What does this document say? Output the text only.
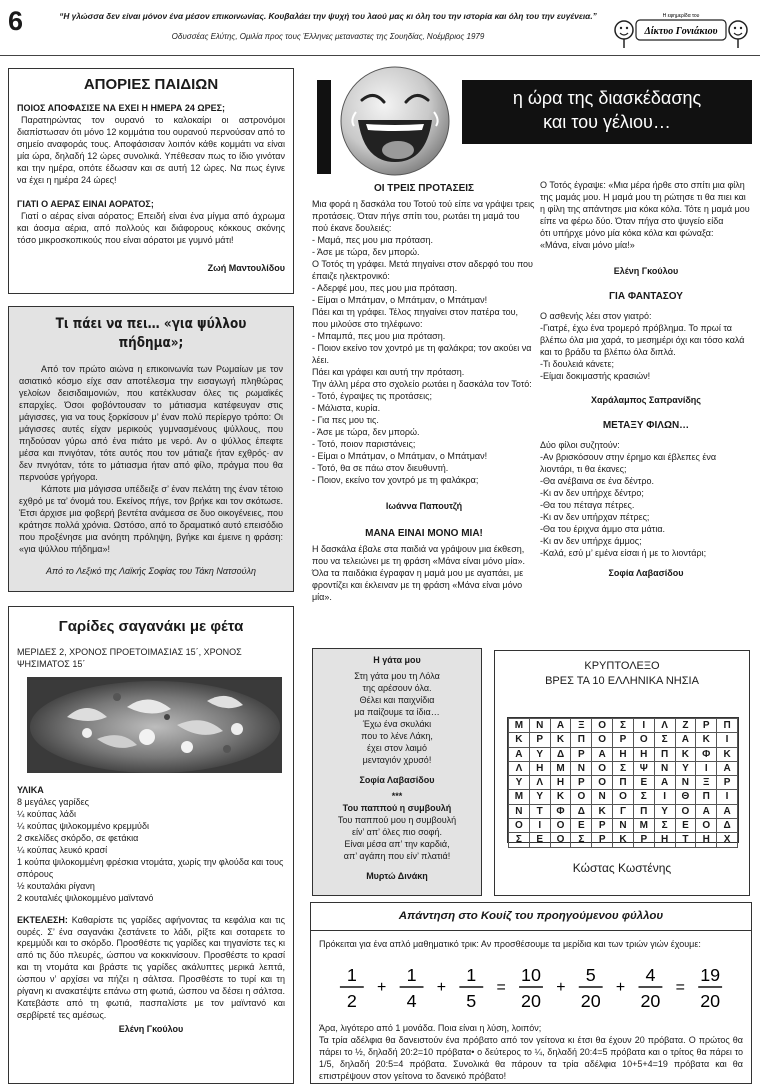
6	“Η γλώσσα δεν είναι μόνον ένα μέσον επικοινωνίας. Κουβαλάει την ψυχή του λαού μας κι όλη του την ιστορία και όλη του την ευγένεια.”
Οδυσσέας Ελύτης, Ομιλία προς τους Έλληνες μεταναστες της Σουηδίας, Νοέμβριος 1979
Η εφημερίδα του
Δίκτυο Γονιάκιου
ΑΠΟΡΙΕΣ ΠΑΙΔΙΩΝ

ΠΟΙΟΣ ΑΠΟΦΑΣΙΣΕ ΝΑ ΕΧΕΙ Η ΗΜΕΡΑ 24 ΩΡΕΣ;

Παρατηρώντας τον ουρανό το καλοκαίρι οι αστρονόμοι διαπίστωσαν ότι μόνο 12 κομμάτια του ουρανού περνούσαν από το σημείο αναφοράς τους. Αποφάσισαν λοιπόν κάθε κομμάτι να είναι μία ώρα, δηλαδή 12 ώρες συνολικά. Υπέθεσαν πως το ίδιο γινόταν και την ημέρα, οπότε έδωσαν και σε αυτή 12 ώρες. Να πως έγινε να έχει η ημέρα 24 ώρες!

ΓΙΑΤΙ Ο ΑΕΡΑΣ ΕΙΝΑΙ ΑΟΡΑΤΟΣ;

Γιατί ο αέρας είναι αόρατος; Επειδή είναι ένα μίγμα από άχρωμα και άοσμα αέρια, από πολλούς και διάφορους κόκκους σκόνης τόσο μικροσκοπικούς που είναι αόρατοι με γυμνό μάτι!

Ζωή Μαντουλίδου

Τι πάει να πει… «για ψύλλου πήδημα»;

Από τον πρώτο αιώνα η επικοινωνία των Ρωμαίων με τον ασιατικό κόσμο είχε σαν αποτέλεσμα την εισαγωγή πληθώρας γελοίων δεισιδαιμονιών, που κατέκλυσαν όλες τις ρωμαϊκές επαρχίες. Όσοι φοβόντουσαν το μάτιασμα κατέφευγαν στις μάγισσες, για να τους ξορκίσουν μ’ έναν πολύ περίεργο τρόπο: Οι μάγισσες αυτές είχαν μερικούς γυμνασμένους ψύλλους, που πηδούσαν γύρω από ένα πιάτο με νερό. Αν ο ψύλλος έπεφτε μέσα και πνιγόταν, τότε αυτός που τον μάτιαζε ήταν εχθρός· αν δεν πνιγόταν, τότε το μάτιασμα ήταν από φίλο, πράγμα που θα περνούσε γρήγορα.

Κάποτε μια μάγισσα υπέδειξε σ’ έναν πελάτη της έναν τέτοιο εχθρό με τα’ όνομά του. Εκείνος πήγε, τον βρήκε και τον σκότωσε. Έτσι άρχισε μια φοβερή βεντέτα ανάμεσα σε δυο οικογένειες, που κράτησε πολλά χρόνια. Ωστόσο, από το δραματικό αυτό επεισόδιο που προξένησε μια ανόητη πρόληψη, βγήκε και έμεινε η φράση: «για ψύλλου πήδημα»!

Από το Λεξικό της Λαϊκής Σοφίας του Τάκη Νατσούλη

Γαρίδες σαγανάκι με φέτα

ΜΕΡΙΔΕΣ 2, ΧΡΟΝΟΣ ΠΡΟΕΤΟΙΜΑΣΙΑΣ 15΄, ΧΡΟΝΟΣ ΨΗΣΙΜΑΤΟΣ 15΄

ΥΛΙΚΑ

8 μεγάλες γαρίδες

¼ κούπας λάδι

¼ κούπας ψιλοκομμένο κρεμμύδι

2 σκελίδες σκόρδο, σε φετάκια

¼ κούπας λευκό κρασί

1 κούπα ψιλοκομμένη φρέσκια ντομάτα, χωρίς την φλούδα και τους σπόρους

½ κουταλάκι ρίγανη

2 κουταλιές ψιλοκομμένο μαϊντανό

ΕΚΤΕΛΕΣΗ: Καθαρίστε τις γαρίδες αφήνοντας τα κεφάλια και τις ουρές. Σ’ ένα σαγανάκι ζεστάνετε το λάδι, ρίξτε και σοταρετε το κρεμμύδι και το σκόρδο. Προσθέστε τις γαρίδες και τηγανίστε τες κι από τις δύο πλευρές, ώσπου να κοκκινίσουν. Προσθέστε το κρασί και τη ντομάτα και βράστε τις γαρίδες ακάλυπτες μερικά λεπτά, ώσπου ν’ αρχίσει να πήζει η σάλτσα. Προσθέστε το τυρί και τη ρίγανη κι ανακατέψτε επάνω στη φωτιά, ώσπου να δέσει η σάλτσα. Κατεβάστε από τη φωτιά, πασπαλίστε με τον μαϊντανό και σερβίρετέ τες αμέσως.

Ελένη Γκούλου

η ώρα της διασκέδασης
και του γέλιου…
ΟΙ ΤΡΕΙΣ ΠΡΟΤΑΣΕΙΣ

Μια φορά η δασκάλα του Τοτού τού είπε να γράψει τρεις προτάσεις. Όταν πήγε σπίτι του, ρωτάει τη μαμά του πού έκανε δουλειές:

- Μαμά, πες μου μια πρόταση.

- Άσε με τώρα, δεν μπορώ.

Ο Τοτός τη γράφει. Μετά πηγαίνει στον αδερφό του που έπαιζε ηλεκτρονικό:

- Αδερφέ μου, πες μου μια πρόταση.

- Είμαι ο Μπάτμαν, ο Μπάτμαν, ο Μπάτμαν!

Πάει και τη γράφει. Τέλος πηγαίνει στον πατέρα του, που μιλούσε στο τηλέφωνο:

- Μπαμπά, πες μου μια πρόταση.

- Ποιον εκείνο τον χοντρό με τη φαλάκρα; τον ακούει να λέει.

Πάει και γράφει και αυτή την πρόταση.

Την άλλη μέρα στο σχολείο ρωτάει η δασκάλα τον Τοτό:

- Τοτό, έγραψες τις προτάσεις;

- Μάλιστα, κυρία.

- Για πες μου τις.

- Άσε με τώρα, δεν μπορώ.

- Τοτό, ποιον παριστάνεις;

- Είμαι ο Μπάτμαν, ο Μπάτμαν, ο Μπάτμαν!

- Τοτό, θα σε πάω στον διευθυντή.

- Ποιον, εκείνο τον χοντρό με τη φαλάκρα;

Ιωάννα Παπουτζή

ΜΑΝΑ ΕΙΝΑΙ ΜΟΝΟ ΜΙΑ!

Η δασκάλα έβαλε στα παιδιά να γράψουν μια έκθεση, που να τελειώνει με τη φράση «Μάνα είναι μόνο μία». Όλα τα παιδάκια έγραφαν η μαμά μου με αγαπάει, με φροντίζει και έκλειναν με τη φράση «Μάνα είναι μόνο μία».

Ο Τοτός έγραψε: «Μια μέρα ήρθε στο σπίτι μια φίλη της μαμάς μου. Η μαμά μου τη ρώτησε τι θα πιει και η φίλη της απάντησε μια κόκα κόλα. Τότε η μαμά μου είπε να φέρω δύο. Όταν πήγα στο ψυγείο είδα

ότι υπήρχε μόνο μία κόκα κόλα και φώναξα:

«Μάνα, είναι μόνο μία!»

Ελένη Γκούλου

ΓΙΑ ΦΑΝΤΑΣΟΥ

Ο ασθενής λέει στον γιατρό:

-Γιατρέ, έχω ένα τρομερό πρόβλημα. Το πρωί τα βλέπω όλα μια χαρά, το μεσημέρι όχι και τόσο καλά και το βράδυ τα βλέπω όλα διπλά.

-Τι δουλειά κάνετε;

-Είμαι δοκιμαστής κρασιών!

Χαράλαμπος Σαπρανίδης

ΜΕΤΑΞΥ ΦΙΛΩΝ…

Δύο φίλοι συζητούν:

-Αν βρισκόσουν στην έρημο και έβλεπες ένα λιοντάρι, τι θα έκανες;

-Θα ανέβαινα σε ένα δέντρο.

-Κι αν δεν υπήρχε δέντρο;

-Θα του πέταγα πέτρες.

-Κι αν δεν υπήρχαν πέτρες;

-Θα του έριχνα άμμο στα μάτια.

-Κι αν δεν υπήρχε άμμος;

-Καλά, εσύ μ’ εμένα είσαι ή με το λιοντάρι;

Σοφία Λαβασίδου

Η γάτα μου

Στη γάτα μου τη Λόλα

της αρέσουν όλα.

Θέλει και παιχνίδια

μα παίζουμε τα ίδια…

Έχω ένα σκυλάκι

που το λένε Λάκη,

έχει στον λαιμό

μενταγιόν χρυσό!

Σοφία Λαβασίδου

***

Του παππού η συμβουλή

Του παππού μου η συμβουλή

είν’ απ’ όλες πιο σοφή.

Είναι μέσα απ’ την καρδιά,

απ’ αγάπη που είν’ πλατιά!

Μυρτώ Δινάκη

ΚΡΥΠΤΟΛΕΞΟ
ΒΡΕΣ ΤΑ 10 ΕΛΛΗΝΙΚΑ ΝΗΣΙΑ
Μ	Ν	Α	Ξ	Ο	Σ	Ι	Λ	Ζ	Ρ	Π
Κ	Ρ	Κ	Π	Ο	Ρ	Ο	Σ	Α	Κ	Ι
Α	Υ	Δ	Ρ	Α	Η	Η	Π	Κ	Φ	Κ
Λ	Η	Μ	Ν	Ο	Σ	Ψ	Ν	Υ	Ι	Α
Υ	Λ	Η	Ρ	Ο	Π	Ε	Α	Ν	Ξ	Ρ
Μ	Υ	Κ	Ο	Ν	Ο	Σ	Ι	Θ	Π	Ι
Ν	Τ	Φ	Δ	Κ	Γ	Π	Υ	Ο	Α	Α
Ο	Ι	Ο	Ε	Ρ	Ν	Μ	Σ	Ε	Ο	Δ
Σ	Ε	Ο	Σ	Ρ	Κ	Ρ	Η	Τ	Η	Χ
Κώστας Κωστένης
Απάντηση στο Κουίζ του προηγούμενου φύλλου

Πρόκειται για ένα απλό μαθηματικό τρικ: Αν προσθέσουμε τα μερίδια και των τριών γιών έχουμε:

1
2
+
1
4
+
1
5
=
10
20
+
5
20
+
4
20
=
19
20

Άρα, λιγότερο από 1 μονάδα. Ποια είναι η λύση, λοιπόν;

Τα τρία αδέλφια θα δανειστούν ένα πρόβατο από τον γείτονα κι έτσι θα έχουν 20 πρόβατα. Ο πρώτος θα πάρει το ½, δηλαδή 20:2=10 πρόβατα• ο δεύτερος το ¼, δηλαδή 20:4=5 πρόβατα και ο τρίτος θα πάρει το 1/5, δηλαδή 20:5=4 πρόβατα. Συνολικά θα πάρουν τα τρία αδέλφια 10+5+4=19 πρόβατα και θα επιστρέψουν στον γείτονα το δανεικό πρόβατο!
